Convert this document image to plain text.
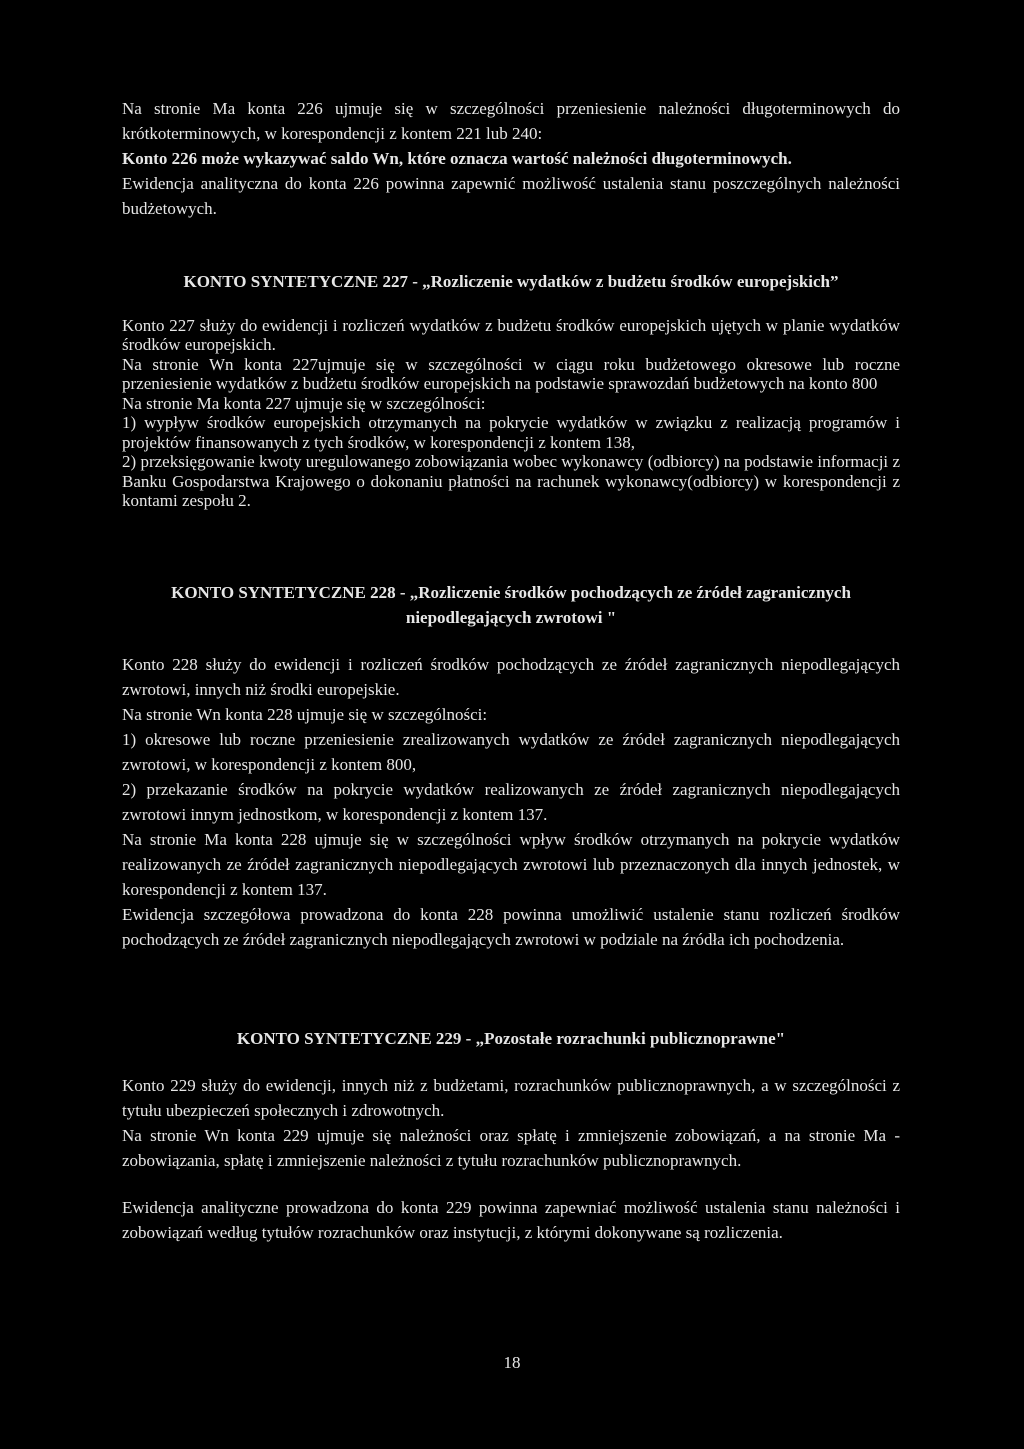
Na stronie Ma konta 226 ujmuje się w szczególności przeniesienie należności długoterminowych do krótkoterminowych, w korespondencji z kontem 221 lub 240:

Konto 226 może wykazywać saldo Wn, które oznacza wartość należności długoterminowych.

Ewidencja analityczna do konta 226 powinna zapewnić możliwość ustalenia stanu poszczególnych należności budżetowych.

KONTO SYNTETYCZNE 227 - „Rozliczenie wydatków z budżetu środków europejskich”

Konto 227 służy do ewidencji i rozliczeń wydatków z budżetu środków europejskich ujętych w planie wydatków środków europejskich.

Na stronie Wn konta 227ujmuje się w szczególności w ciągu roku budżetowego okresowe lub roczne przeniesienie wydatków z budżetu środków europejskich na podstawie sprawozdań budżetowych na konto 800

Na stronie Ma konta 227 ujmuje się w szczególności:

1) wypływ środków europejskich otrzymanych na pokrycie wydatków w związku z realizacją programów i projektów finansowanych z tych środków, w korespondencji z kontem 138,

2) przeksięgowanie kwoty uregulowanego zobowiązania wobec wykonawcy (odbiorcy) na podstawie informacji z Banku Gospodarstwa Krajowego o dokonaniu płatności na rachunek wykonawcy(odbiorcy) w korespondencji z kontami zespołu 2.

KONTO SYNTETYCZNE 228 - „Rozliczenie środków pochodzących ze źródeł zagranicznych niepodlegających zwrotowi "

Konto 228 służy do ewidencji i rozliczeń środków pochodzących ze źródeł zagranicznych niepodlegających zwrotowi, innych niż środki europejskie.

Na stronie Wn konta 228 ujmuje się w szczególności:

1) okresowe lub roczne przeniesienie zrealizowanych wydatków ze źródeł zagranicznych niepodlegających zwrotowi, w korespondencji z kontem 800,

2) przekazanie środków na pokrycie wydatków realizowanych ze źródeł zagranicznych niepodlegających zwrotowi innym jednostkom, w korespondencji z kontem 137.

Na stronie Ma konta 228 ujmuje się w szczególności wpływ środków otrzymanych na pokrycie wydatków realizowanych ze źródeł zagranicznych niepodlegających zwrotowi lub przeznaczonych dla innych jednostek, w korespondencji z kontem 137.

Ewidencja szczegółowa prowadzona do konta 228 powinna umożliwić ustalenie stanu rozliczeń środków pochodzących ze źródeł zagranicznych niepodlegających zwrotowi w podziale na źródła ich pochodzenia.

KONTO SYNTETYCZNE 229 - „Pozostałe rozrachunki publicznoprawne"

Konto 229 służy do ewidencji, innych niż z budżetami, rozrachunków publicznoprawnych, a w szczególności z tytułu ubezpieczeń społecznych i zdrowotnych.

Na stronie Wn konta 229 ujmuje się należności oraz spłatę i zmniejszenie zobowiązań, a na stronie Ma - zobowiązania, spłatę i zmniejszenie należności z tytułu rozrachunków publicznoprawnych.

Ewidencja analityczne prowadzona do konta 229 powinna zapewniać możliwość ustalenia stanu należności i zobowiązań według tytułów rozrachunków oraz instytucji, z którymi dokonywane są rozliczenia.

18
